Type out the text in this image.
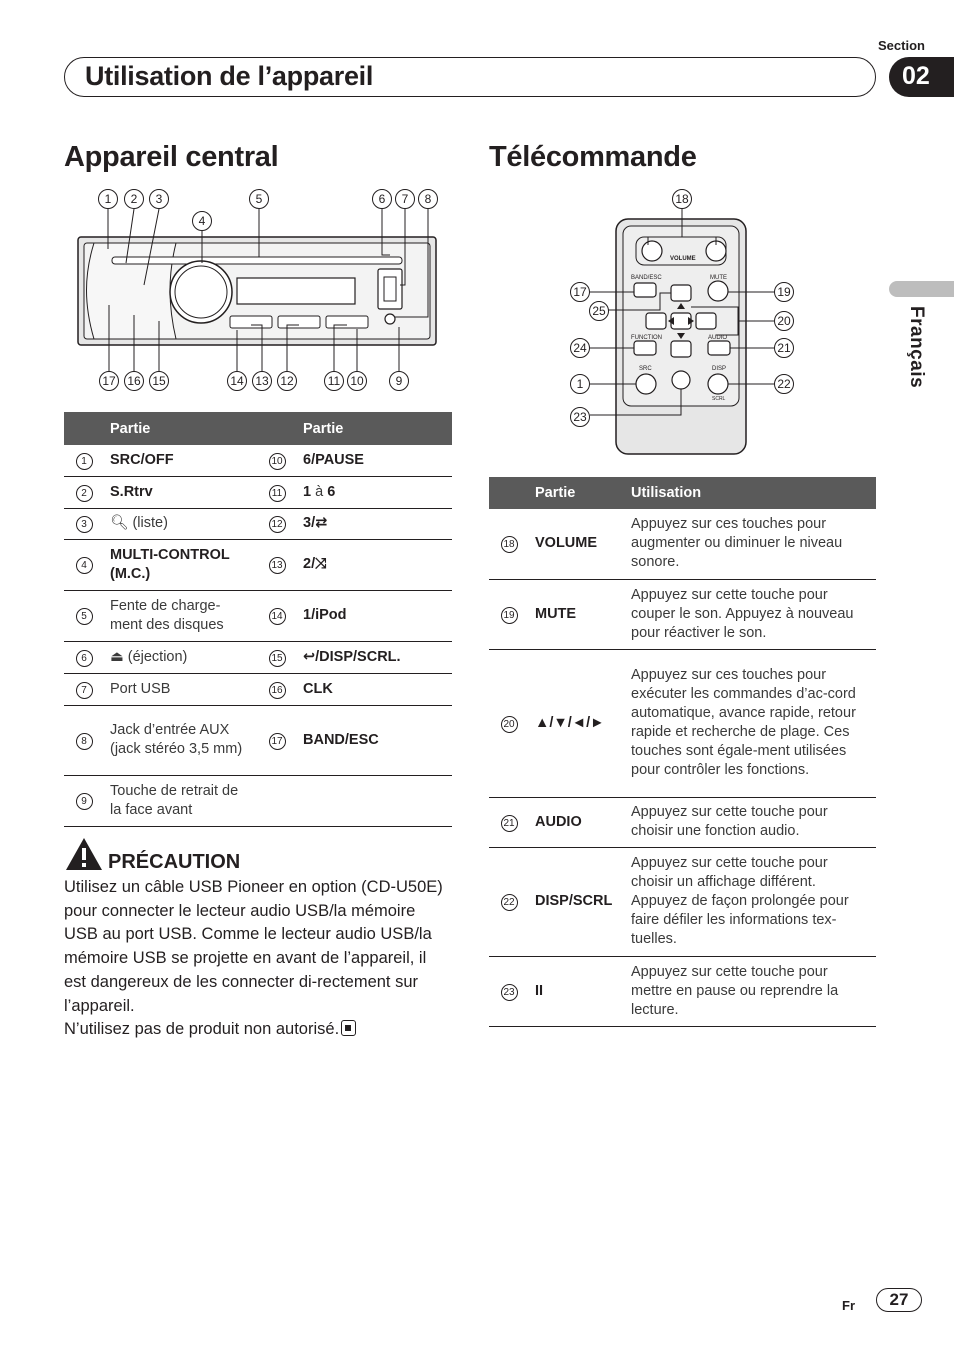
Section
Utilisation de l’appareil	02
Français
Appareil central
1	2	3
4
5	6	7	8
17 16 15	14 13 12	11 10	9
	Partie		Partie
1	SRC/OFF	10	6/PAUSE
2	S.Rtrv	11	1 à 6
3	🔍︎ (liste)	12	3/⇄
4	MULTI-CONTROL (M.C.)	13	2/⤨
5	Fente de charge-ment des disques	14	1/iPod
6	⏏ (éjection)	15	↩/DISP/SCRL.
7	Port USB	16	CLK
8	Jack d’entrée AUX (jack stéréo 3,5 mm)	17	BAND/ESC
9	Touche de retrait de la face avant		
PRÉCAUTION
Utilisez un câble USB Pioneer en option (CD-U50E) pour connecter le lecteur audio USB/la mémoire USB au port USB. Comme le lecteur audio USB/la mémoire USB se projette en avant de l’appareil, il est dangereux de les connecter di-rectement sur l’appareil.
N’utilisez pas de produit non autorisé.
Télécommande
VOLUME
BAND/ESC	MUTE
FUNCTION	AUDIO
SRC	DISP
SCRL
18
17
25
24
1
23
19
20
21
22
	Partie	Utilisation
18	VOLUME	Appuyez sur ces touches pour augmenter ou diminuer le niveau sonore.
19	MUTE	Appuyez sur cette touche pour couper le son. Appuyez à nouveau pour réactiver le son.
20	▲/▼/◄/►	Appuyez sur ces touches pour exécuter les commandes d’ac-cord automatique, avance rapide, retour rapide et recherche de plage. Ces touches sont égale-ment utilisées pour contrôler les fonctions.
21	AUDIO	Appuyez sur cette touche pour choisir une fonction audio.
22	DISP/SCRL	Appuyez sur cette touche pour choisir un affichage différent. Appuyez de façon prolongée pour faire défiler les informations tex-tuelles.
23	II	Appuyez sur cette touche pour mettre en pause ou reprendre la lecture.
Fr	27
